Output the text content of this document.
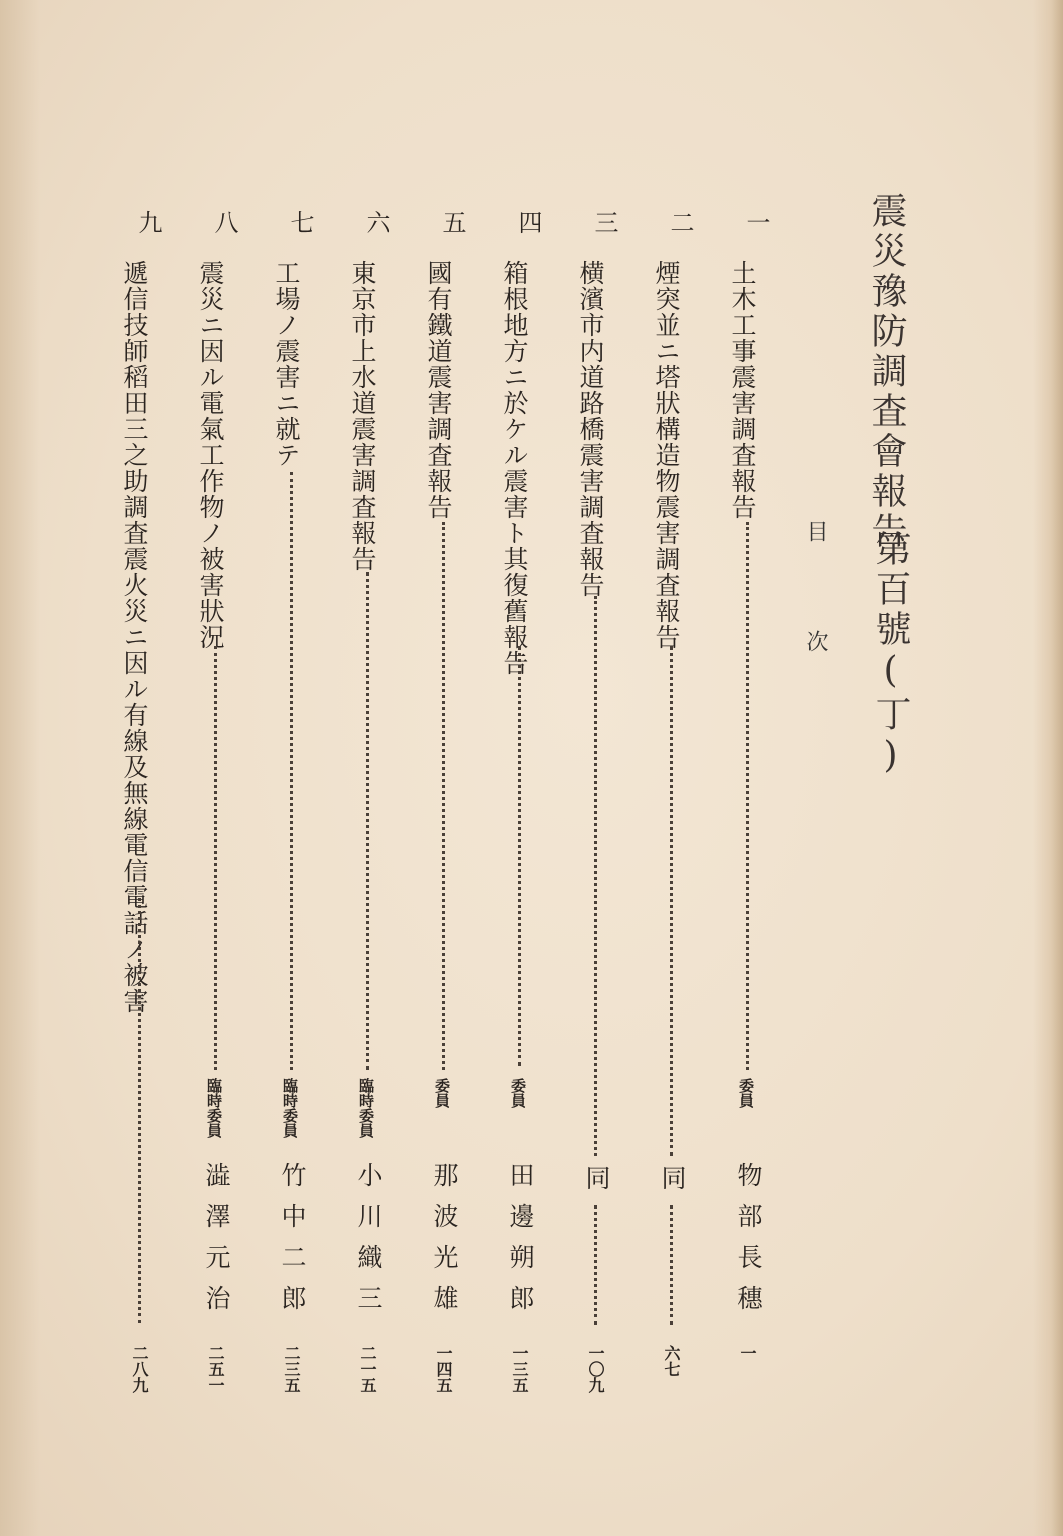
震災豫防調査會報告
第百號(丁)
目
次
一
土木工事震害調査報告
委員
物部長穗
一
二
煙突並ニ塔狀構造物震害調査報告
同
六七
三
横濱市内道路橋震害調査報告
同
一〇九
四
箱根地方ニ於ケル震害ト其復舊報告
委員
田邊朔郎
一三五
五
國有鐵道震害調査報告
委員
那波光雄
一四五
六
東京市上水道震害調査報告
臨時委員
小川織三
二一五
七
工場ノ震害ニ就テ
臨時委員
竹中二郎
二三五
八
震災ニ因ル電氣工作物ノ被害狀況
臨時委員
澁澤元治
二五一
九
遞信技師稻田三之助調査震火災ニ因ル有線及無線電信電話ノ被害
二八九
